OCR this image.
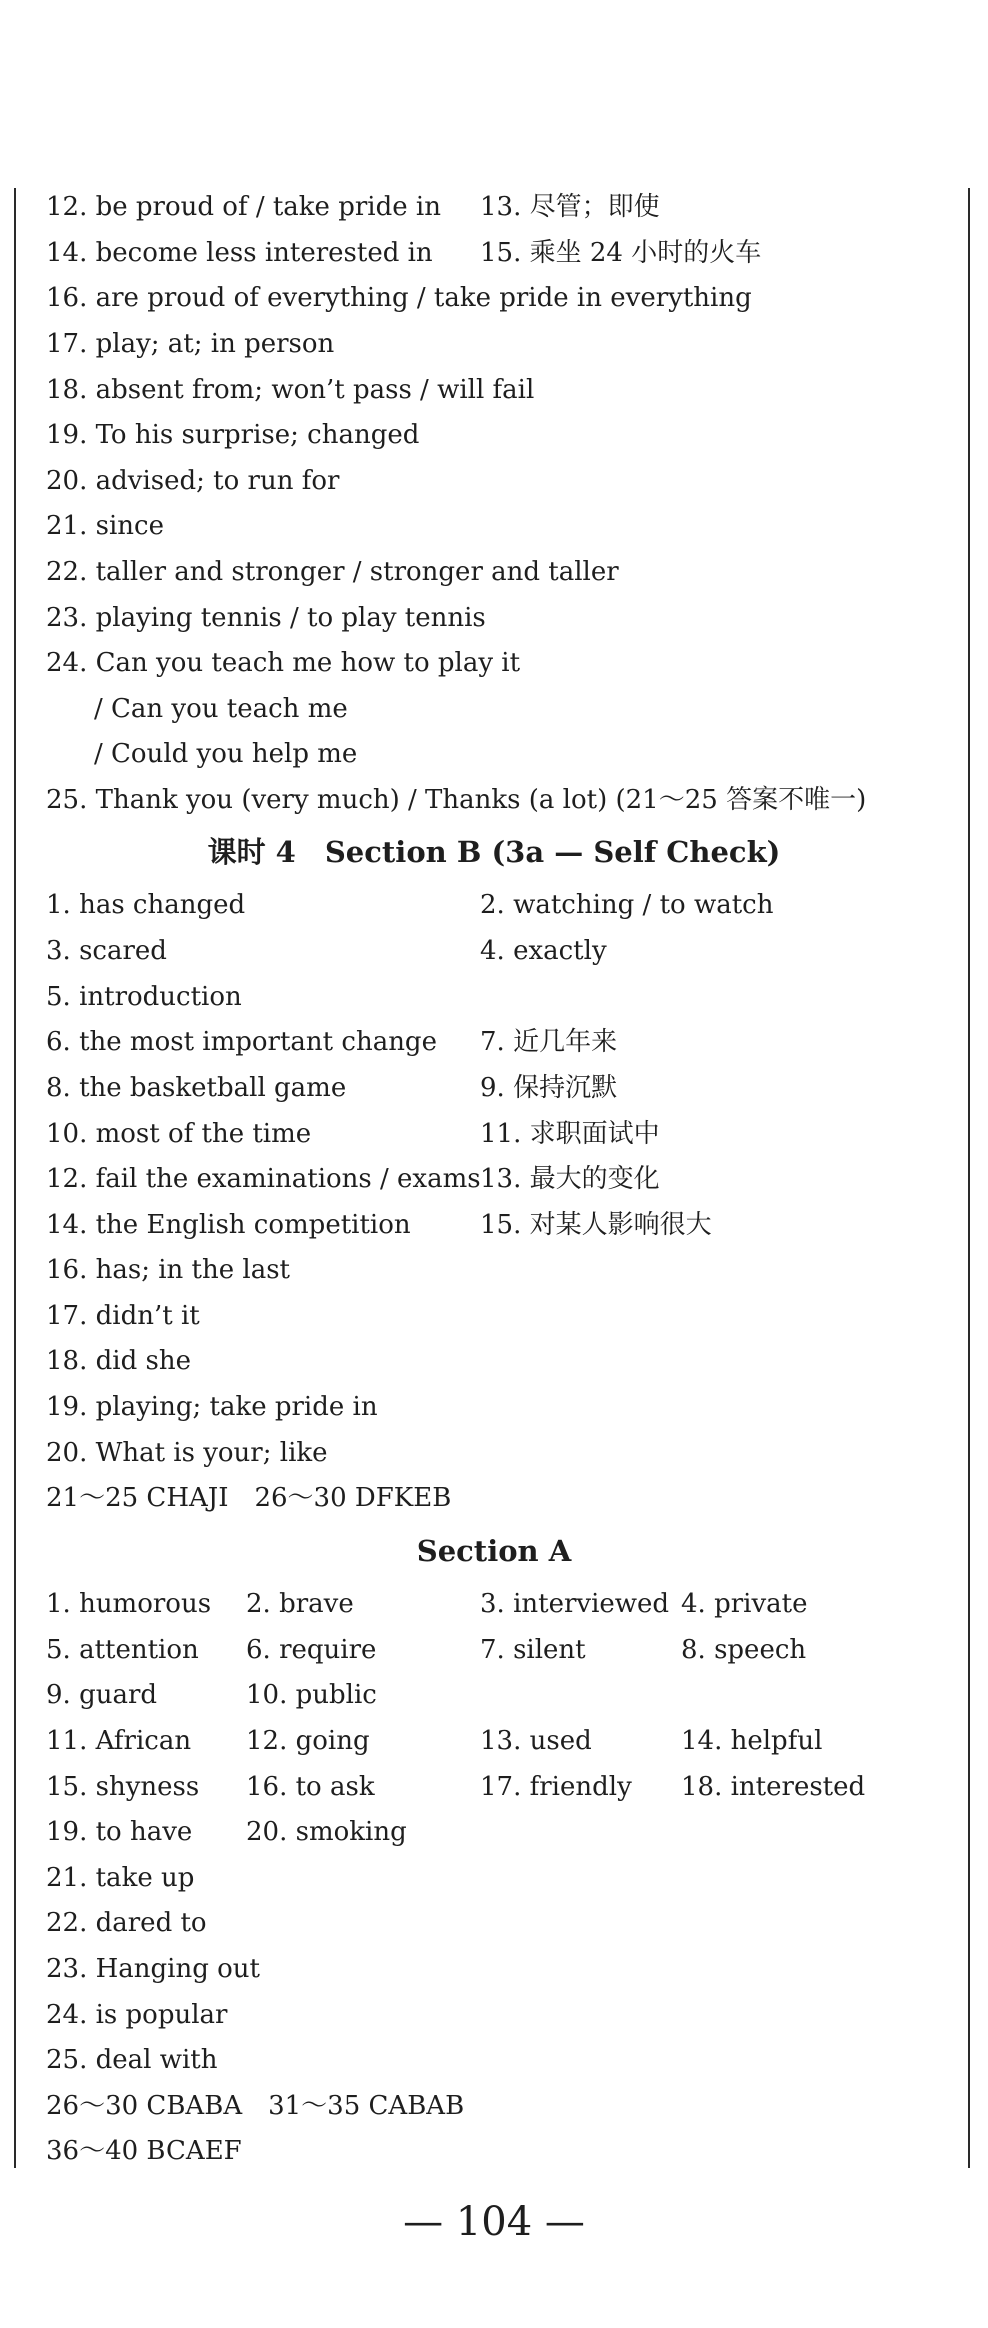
12. be proud of / take pride in 13. 尽管；即使
14. become less interested in 15. 乘坐 24 小时的火车
16. are proud of everything / take pride in everything
17. play; at; in person
18. absent from; won’t pass / will fail
19. To his surprise; changed
20. advised; to run for
21. since
22. taller and stronger / stronger and taller
23. playing tennis / to play tennis
24. Can you teach me how to play it
/ Can you teach me
/ Could you help me
25. Thank you (very much) / Thanks (a lot) (21～25 答案不唯一)
课时 4　Section B (3a — Self Check)
1. has changed	2. watching / to watch
3. scared	4. exactly
5. introduction
6. the most important change 7. 近几年来
8. the basketball game	9. 保持沉默
10. most of the time	11. 求职面试中
12. fail the examinations / exams 13. 最大的变化
14. the English competition	15. 对某人影响很大
16. has; in the last
17. didn’t it
18. did she
19. playing; take pride in
20. What is your; like
21～25 CHAJI　26～30 DFKEB
Section A
1. humorous 2. brave	3. interviewed 4. private
5. attention 6. require	7. silent	8. speech
9. guard	10. public
11. African 12. going	13. used	14. helpful
15. shyness 16. to ask	17. friendly 18. interested
19. to have 20. smoking
21. take up
22. dared to
23. Hanging out
24. is popular
25. deal with
26～30 CBABA　31～35 CABAB
36～40 BCAEF
— 104 —
